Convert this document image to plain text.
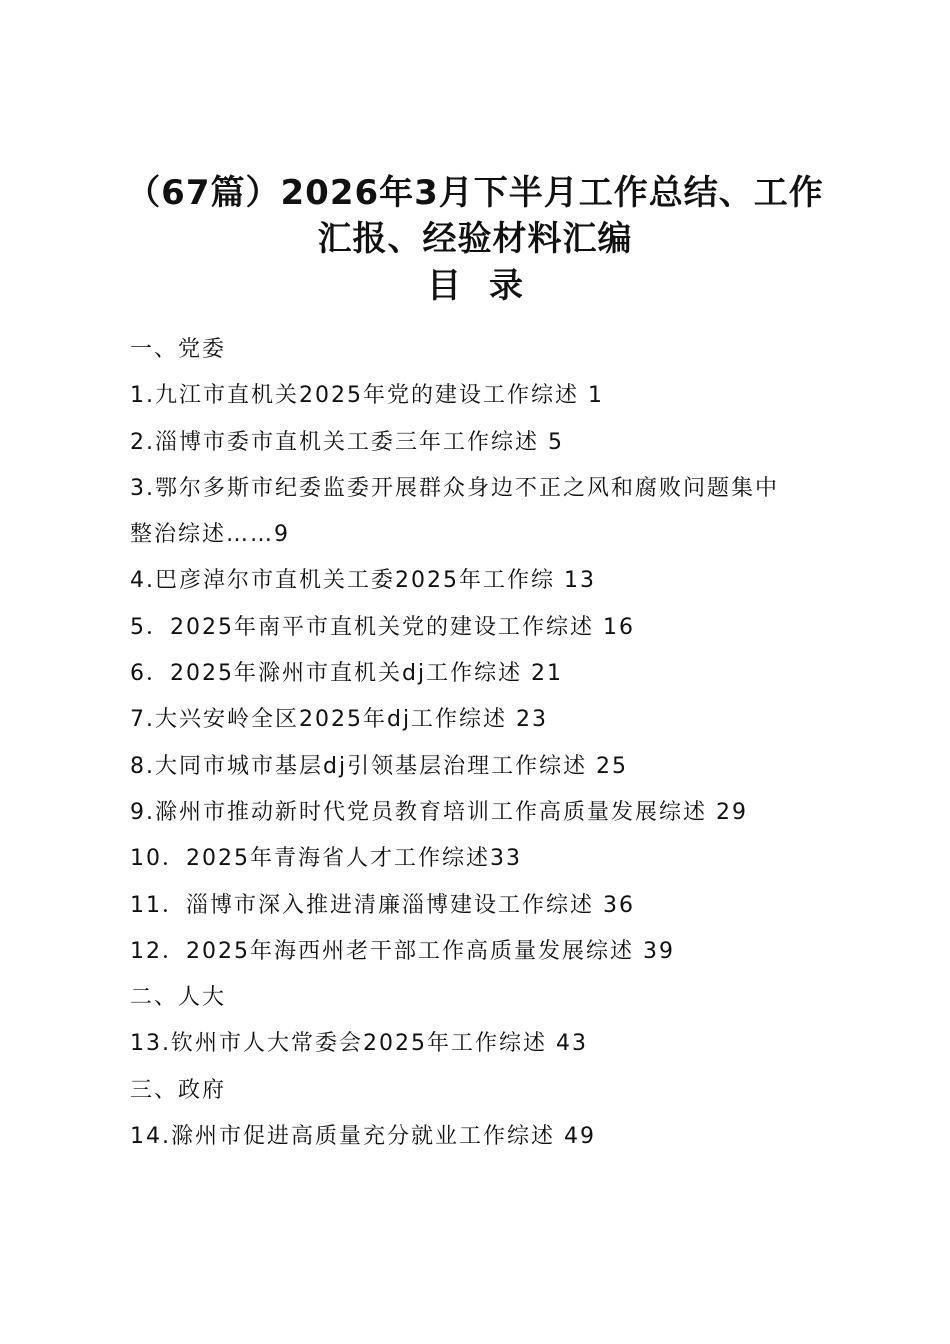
（67篇）2026年3月下半月工作总结、工作
汇报、经验材料汇编
目录
一、党委
1.九江市直机关2025年党的建设工作综述 1
2.淄博市委市直机关工委三年工作综述 5
3.鄂尔多斯市纪委监委开展群众身边不正之风和腐败问题集中
整治综述……9
4.巴彦淖尔市直机关工委2025年工作综 13
5．2025年南平市直机关党的建设工作综述 16
6．2025年滁州市直机关dj工作综述 21
7.大兴安岭全区2025年dj工作综述 23
8.大同市城市基层dj引领基层治理工作综述 25
9.滁州市推动新时代党员教育培训工作高质量发展综述 29
10．2025年青海省人才工作综述33
11．淄博市深入推进清廉淄博建设工作综述 36
12．2025年海西州老干部工作高质量发展综述 39
二、人大
13.钦州市人大常委会2025年工作综述 43
三、政府
14.滁州市促进高质量充分就业工作综述 49
